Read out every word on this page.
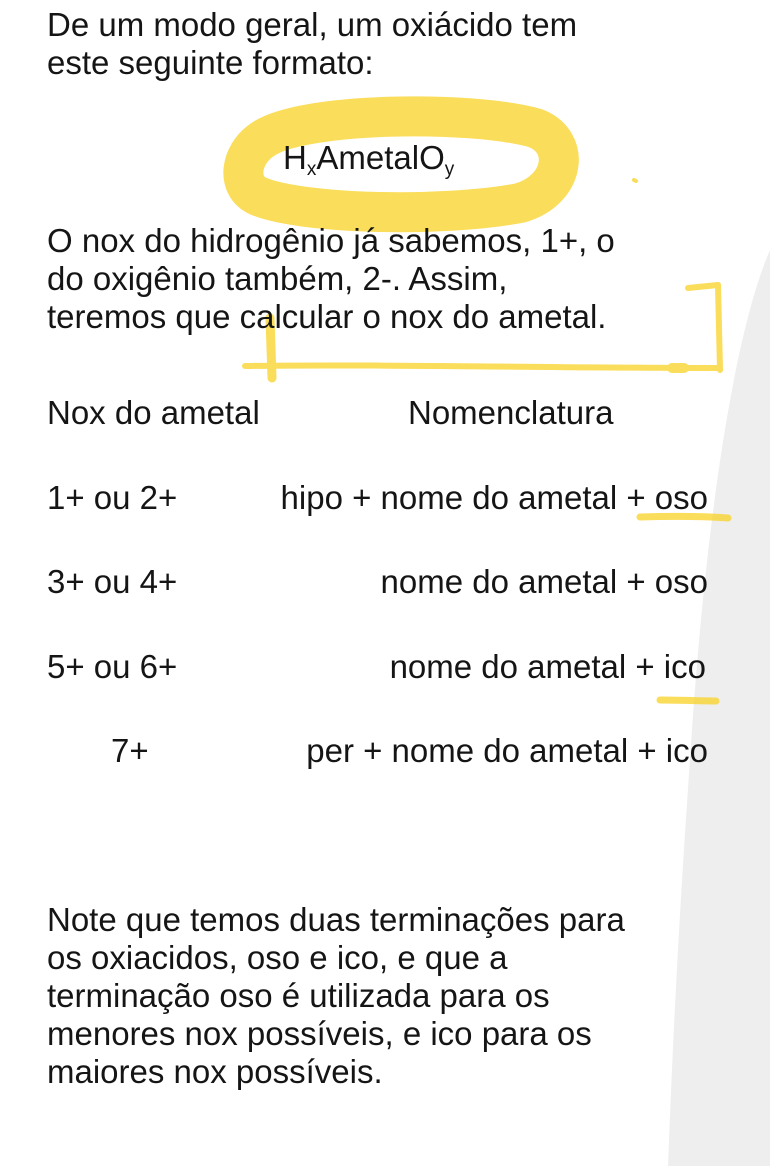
De um modo geral, um oxiácido tem
este seguinte formato:
$H_xAmetalO_y$
O nox do hidrogênio já sabemos, 1+, o
do oxigênio também, 2-. Assim,
teremos que calcular o nox do ametal.
Nox do ametal	Nomenclatura
1+ ou 2+	hipo + nome do ametal + oso
3+ ou 4+	nome do ametal + oso
5+ ou 6+	nome do ametal + ico
7+	per + nome do ametal + ico
Note que temos duas terminações para
os oxiacidos, oso e ico, e que a
terminação oso é utilizada para os
menores nox possíveis, e ico para os
maiores nox possíveis.
